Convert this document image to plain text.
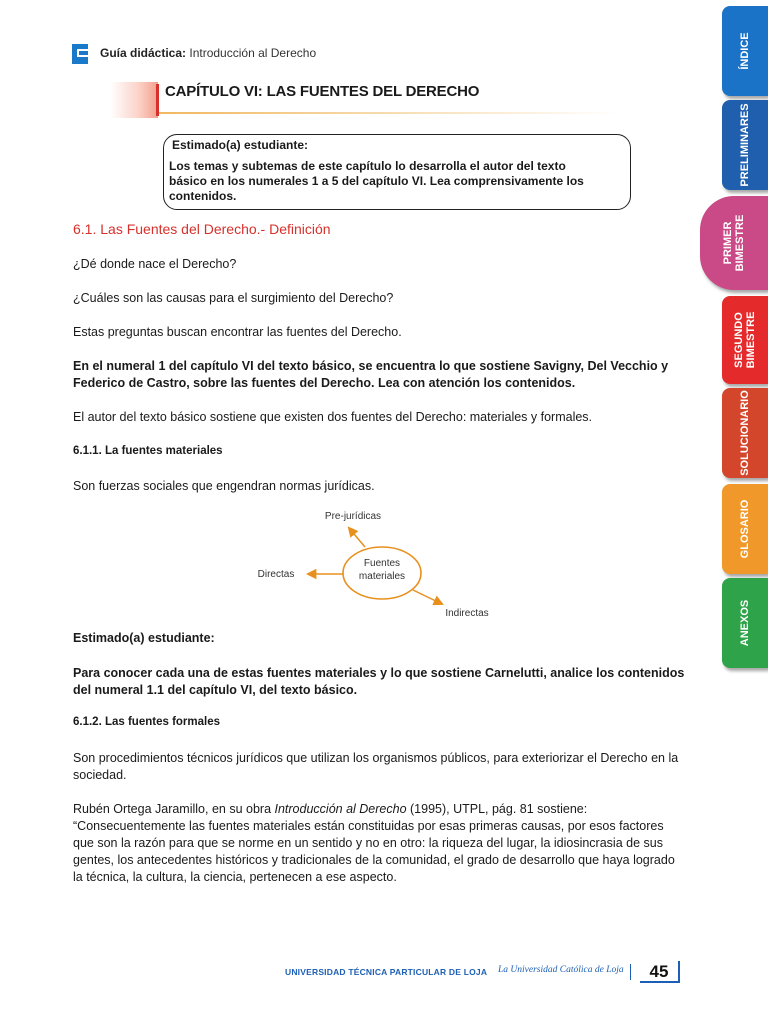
Guía didáctica: Introducción al Derecho
CAPÍTULO VI: LAS FUENTES DEL DERECHO
Estimado(a) estudiante:
Los temas y subtemas de este capítulo lo desarrolla el autor del texto básico en los numerales 1 a 5 del capítulo VI. Lea comprensivamente los contenidos.
6.1. Las Fuentes del Derecho.- Definición
¿Dé donde nace el Derecho?
¿Cuáles son las causas para el surgimiento del Derecho?
Estas preguntas buscan encontrar las fuentes del Derecho.
En el numeral 1 del capítulo VI del texto básico, se encuentra lo que sostiene Savigny, Del Vecchio y Federico de Castro, sobre las fuentes del Derecho. Lea con atención los contenidos.
El autor del texto básico sostiene que existen dos fuentes del Derecho: materiales y formales.
6.1.1. La fuentes materiales
Son fuerzas sociales que engendran normas jurídicas.
Fuentes
materiales
Pre-jurídicas
Directas
Indirectas
Estimado(a) estudiante:
Para conocer cada una de estas fuentes materiales y lo que sostiene Carnelutti, analice los contenidos del numeral 1.1 del capítulo VI, del texto básico.
6.1.2. Las fuentes formales
Son procedimientos técnicos jurídicos que utilizan los organismos públicos, para exteriorizar el Derecho en la sociedad.
Rubén Ortega Jaramillo, en su obra Introducción al Derecho (1995), UTPL, pág. 81 sostiene:
“Consecuentemente las fuentes materiales están constituidas por esas primeras causas, por esos factores que son la razón para que se norme en un sentido y no en otro: la riqueza del lugar, la idiosincrasia de sus gentes, los antecedentes históricos y tradicionales de la comunidad, el grado de desarrollo que haya logrado la técnica, la cultura, la ciencia, pertenecen a ese aspecto.
UNIVERSIDAD TÉCNICA PARTICULAR DE LOJA La Universidad Católica de Loja	45
ÍNDICE
PRELIMINARES
PRIMER
BIMESTRE
SEGUNDO
BIMESTRE
SOLUCIONARIO
GLOSARIO
ANEXOS
